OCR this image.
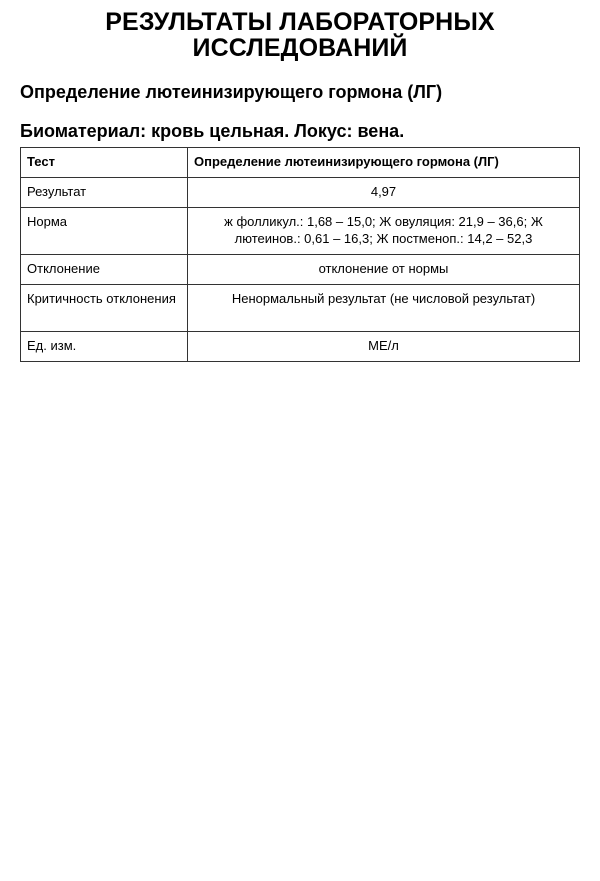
РЕЗУЛЬТАТЫ ЛАБОРАТОРНЫХ
ИССЛЕДОВАНИЙ
Определение лютеинизирующего гормона (ЛГ)
Биоматериал: кровь цельная. Локус: вена.
Тест	Определение лютеинизирующего гормона (ЛГ)
Результат	4,97
Норма	ж фолликул.: 1,68 – 15,0; Ж овуляция: 21,9 – 36,6; Ж лютеинов.: 0,61 – 16,3; Ж постменоп.: 14,2 – 52,3
Отклонение	отклонение от нормы
Критичность отклонения	Ненормальный результат (не числовой результат)
Ед. изм.	МЕ/л
